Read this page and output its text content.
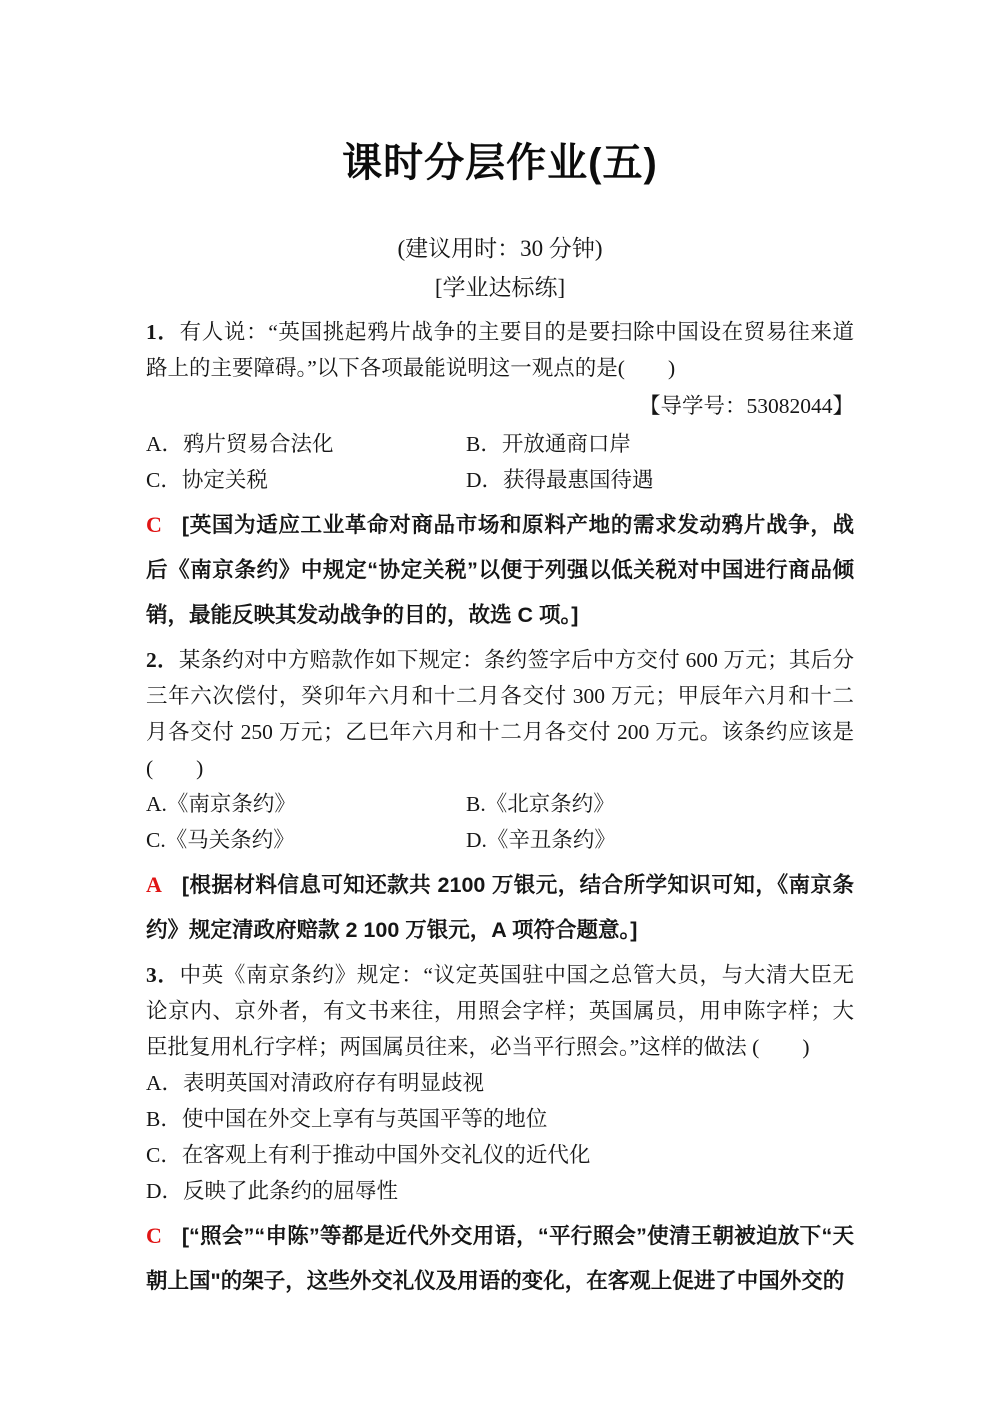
课时分层作业(五)
(建议用时：30 分钟)
[学业达标练]

1．有人说：“英国挑起鸦片战争的主要目的是要扫除中国设在贸易往来道路上的主要障碍。”以下各项最能说明这一观点的是(　　)

【导学号：53082044】
A．鸦片贸易合法化	B．开放通商口岸
C．协定关税	D．获得最惠国待遇

C [英国为适应工业革命对商品市场和原料产地的需求发动鸦片战争，战后《南京条约》中规定“协定关税”以便于列强以低关税对中国进行商品倾销，最能反映其发动战争的目的，故选 C 项。]

2．某条约对中方赔款作如下规定：条约签字后中方交付 600 万元；其后分三年六次偿付，癸卯年六月和十二月各交付 300 万元；甲辰年六月和十二月各交付 250 万元；乙巳年六月和十二月各交付 200 万元。该条约应该是(　　)

A.《南京条约》	B.《北京条约》
C.《马关条约》	D.《辛丑条约》

A [根据材料信息可知还款共 2100 万银元，结合所学知识可知，《南京条约》规定清政府赔款 2 100 万银元，A 项符合题意。]

3．中英《南京条约》规定：“议定英国驻中国之总管大员，与大清大臣无论京内、京外者，有文书来往，用照会字样；英国属员，用申陈字样；大臣批复用札行字样；两国属员往来，必当平行照会。”这样的做法 (　　)

A．表明英国对清政府存有明显歧视
B．使中国在外交上享有与英国平等的地位
C．在客观上有利于推动中国外交礼仪的近代化
D．反映了此条约的屈辱性

C [“照会”“申陈”等都是近代外交用语，“平行照会”使清王朝被迫放下“天朝上国"的架子，这些外交礼仪及用语的变化，在客观上促进了中国外交的
